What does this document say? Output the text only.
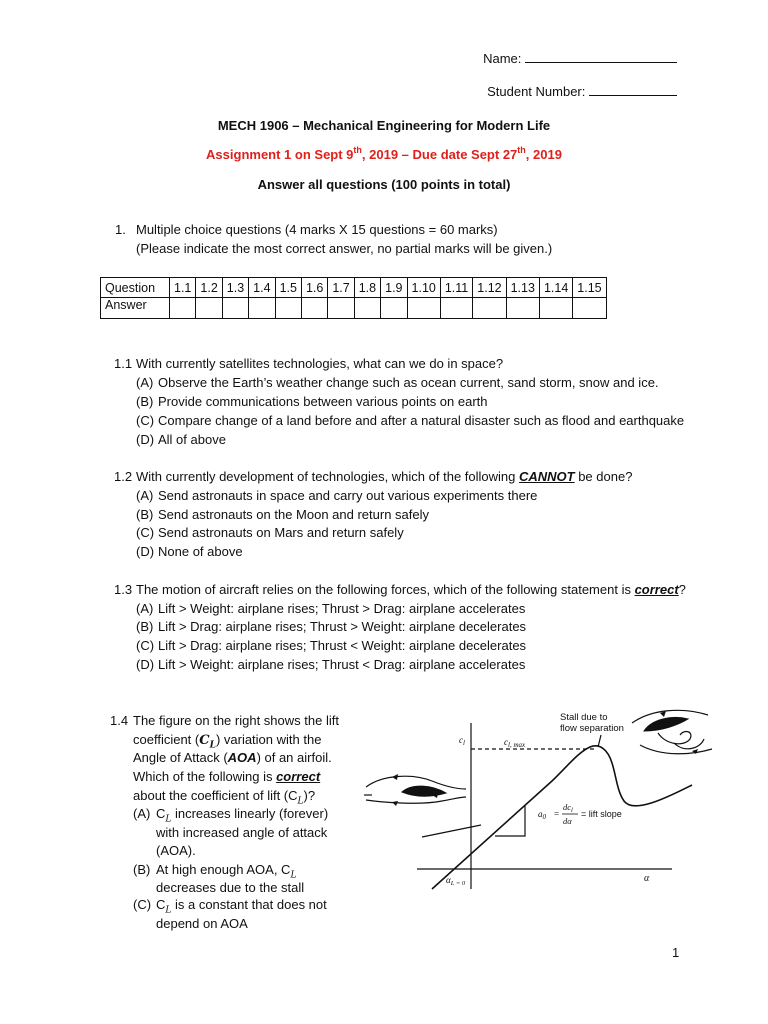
Name:
Student Number:
MECH 1906 – Mechanical Engineering for Modern Life
Assignment 1 on Sept 9th, 2019 – Due date Sept 27th, 2019
Answer all questions (100 points in total)
1. Multiple choice questions (4 marks X 15 questions = 60 marks)
(Please indicate the most correct answer, no partial marks will be given.)
Question	1.1	1.2	1.3	1.4	1.5	1.6	1.7	1.8	1.9	1.10	1.11	1.12	1.13	1.14	1.15
Answer															
1.1 With currently satellites technologies, what can we do in space?
(A) Observe the Earth’s weather change such as ocean current, sand storm, snow and ice.
(B) Provide communications between various points on earth
(C) Compare change of a land before and after a natural disaster such as flood and earthquake
(D) All of above
1.2 With currently development of technologies, which of the following CANNOT be done?
(A) Send astronauts in space and carry out various experiments there
(B) Send astronauts on the Moon and return safely
(C) Send astronauts on Mars and return safely
(D) None of above
1.3 The motion of aircraft relies on the following forces, which of the following statement is correct?
(A) Lift > Weight: airplane rises; Thrust > Drag: airplane accelerates
(B) Lift > Drag: airplane rises; Thrust > Weight: airplane decelerates
(C) Lift > Drag: airplane rises; Thrust < Weight: airplane decelerates
(D) Lift > Weight: airplane rises; Thrust < Drag: airplane accelerates
1.4 The figure on the right shows the lift
coefficient $(C_L)$ variation with the
Angle of Attack (AOA) of an airfoil.
Which of the following is correct
about the coefficient of lift $(C_L)$?
(A) $C_L$ increases linearly (forever)
with increased angle of attack
(AOA).
(B) At high enough AOA, $C_L$
decreases due to the stall
(C) $C_L$ is a constant that does not
depend on AOA
Stall due to
flow separation
$c_l$	$c_{l, max}$
$a_0$ =
$dc_l$
dα
= lift slope
α
$\alpha_{L = 0}$
1
